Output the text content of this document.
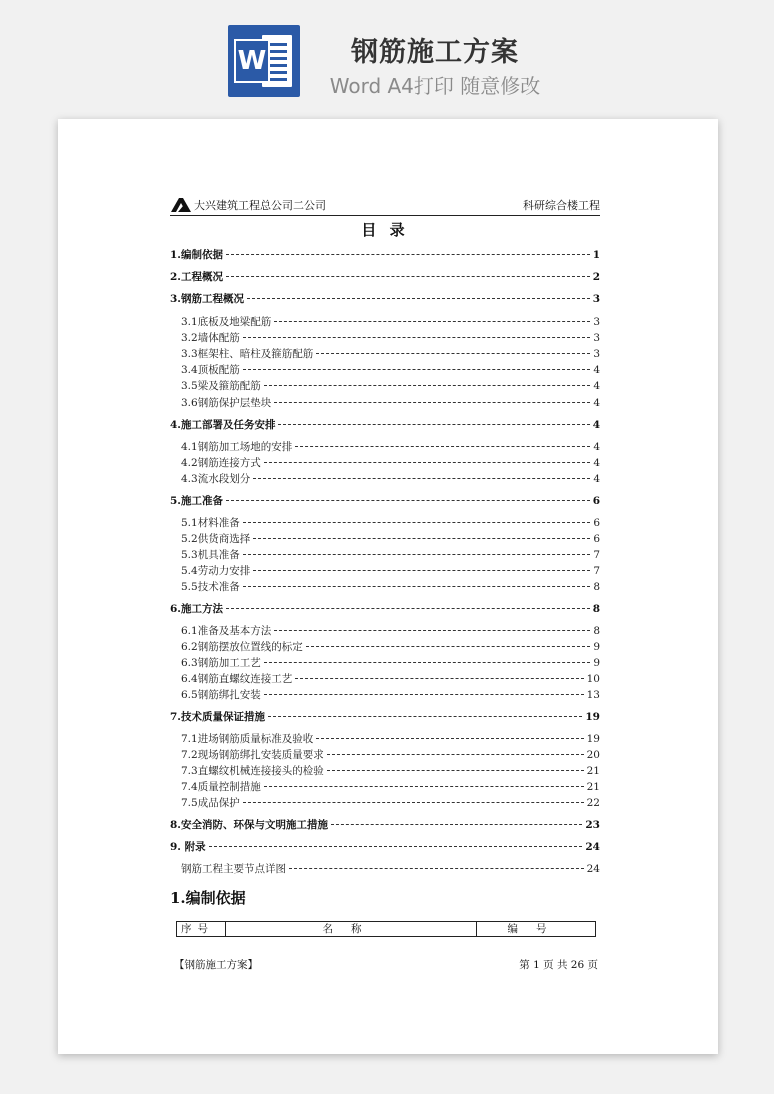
W	钢筋施工方案
Word A4打印 随意修改
大兴建筑工程总公司二公司	科研综合楼工程
目 录
1.编制依据	1
2.工程概况	2
3.钢筋工程概况	3
3.1底板及地梁配筋	3
3.2墙体配筋	3
3.3框架柱、暗柱及箍筋配筋	3
3.4顶板配筋	4
3.5梁及箍筋配筋	4
3.6钢筋保护层垫块	4
4.施工部署及任务安排	4
4.1钢筋加工场地的安排	4
4.2钢筋连接方式	4
4.3流水段划分	4
5.施工准备	6
5.1材料准备	6
5.2供货商选择	6
5.3机具准备	7
5.4劳动力安排	7
5.5技术准备	8
6.施工方法	8
6.1准备及基本方法	8
6.2钢筋摆放位置线的标定	9
6.3钢筋加工工艺	9
6.4钢筋直螺纹连接工艺	10
6.5钢筋绑扎安装	13
7.技术质量保证措施	19
7.1进场钢筋质量标准及验收	19
7.2现场钢筋绑扎安装质量要求	20
7.3直螺纹机械连接接头的检验	21
7.4质量控制措施	21
7.5成品保护	22
8.安全消防、环保与文明施工措施	23
9. 附录	24
钢筋工程主要节点详图	24
1.编制依据
序号	名称	编号
【钢筋施工方案】	第 1 页 共 26 页
